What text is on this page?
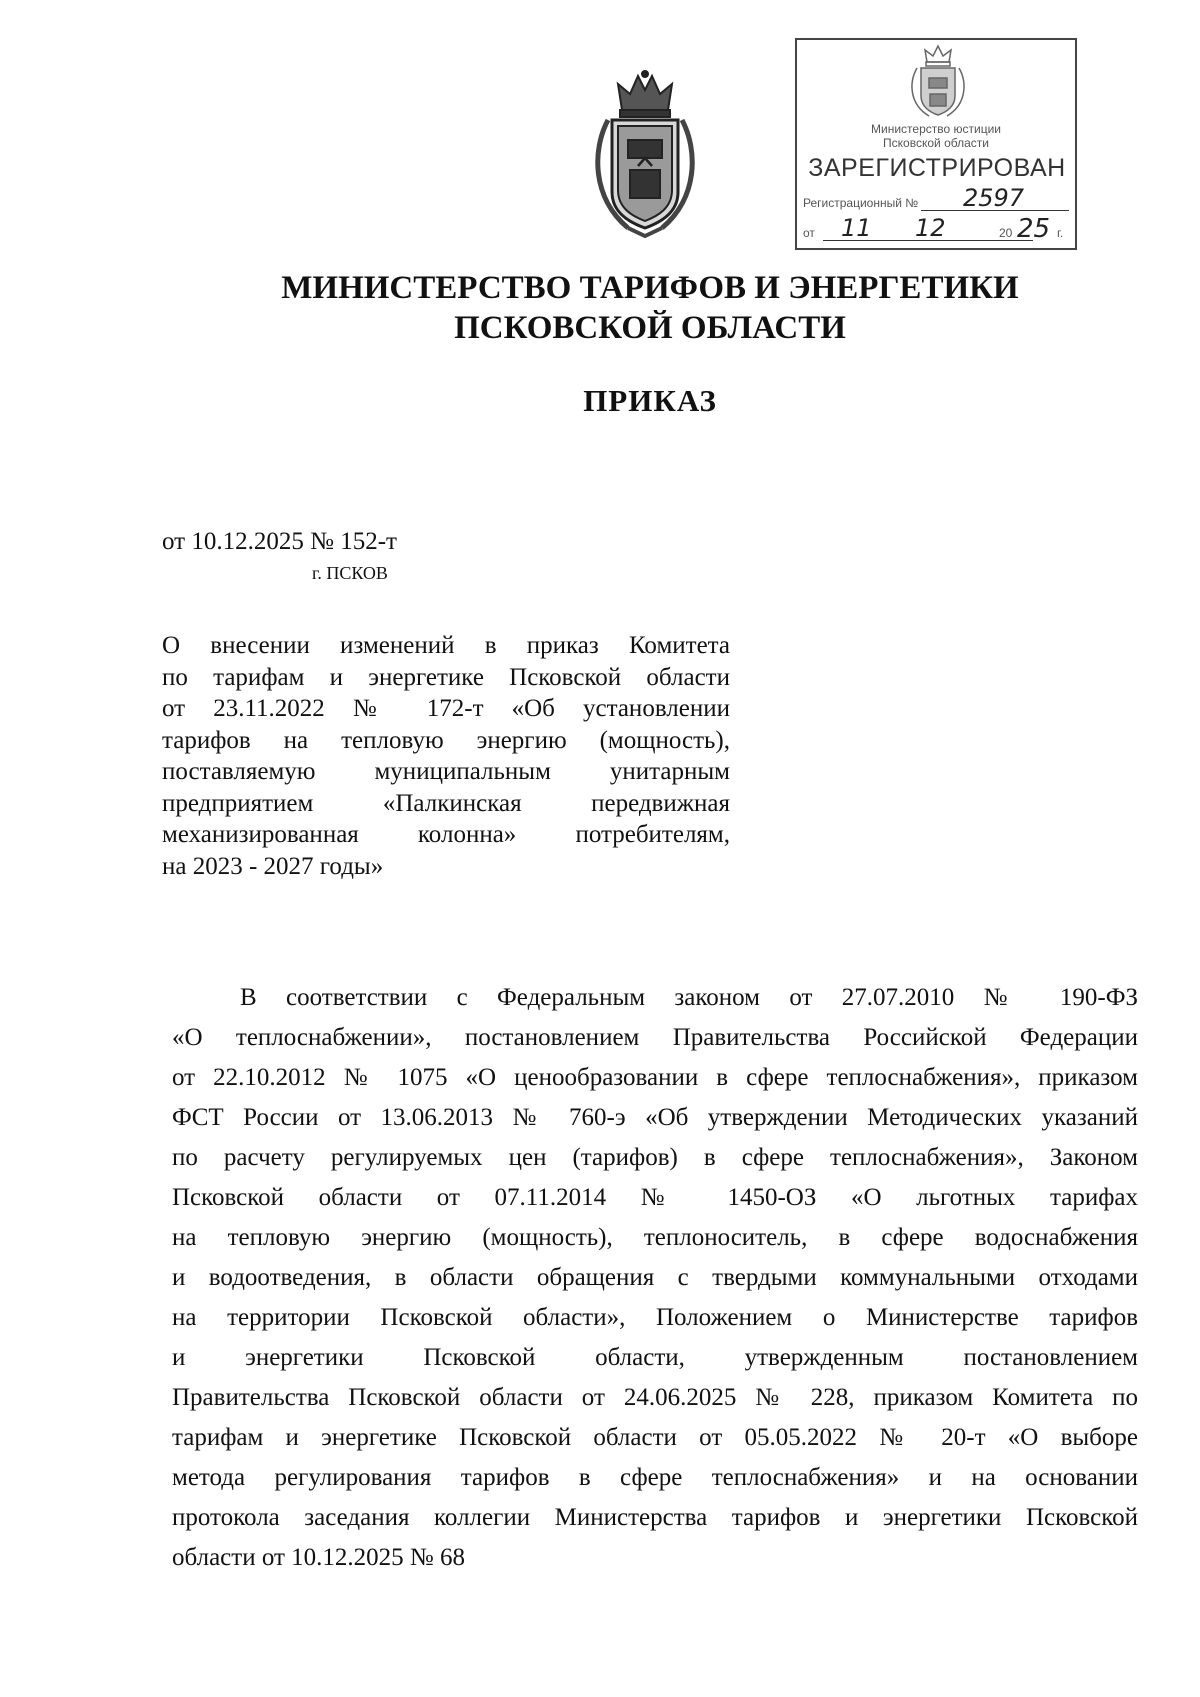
Министерство юстиции
Псковской области
ЗАРЕГИСТРИРОВАН
Регистрационный № 2597
от 11 12	20 25 г.
МИНИСТЕРСТВО ТАРИФОВ И ЭНЕРГЕТИКИ
ПСКОВСКОЙ ОБЛАСТИ
ПРИКАЗ
от 10.12.2025 № 152-т
г. ПСКОВ
О внесении изменений в приказ Комитета
по тарифам и энергетике Псковской области
от 23.11.2022 № 172-т «Об установлении
тарифов на тепловую энергию (мощность),
поставляемую муниципальным унитарным
предприятием «Палкинская передвижная
механизированная колонна» потребителям,
на 2023 - 2027 годы»
В соответствии с Федеральным законом от 27.07.2010 № 190-ФЗ
«О теплоснабжении», постановлением Правительства Российской Федерации
от 22.10.2012 № 1075 «О ценообразовании в сфере теплоснабжения», приказом
ФСТ России от 13.06.2013 № 760-э «Об утверждении Методических указаний
по расчету регулируемых цен (тарифов) в сфере теплоснабжения», Законом
Псковской области от 07.11.2014 № 1450-ОЗ «О льготных тарифах
на тепловую энергию (мощность), теплоноситель, в сфере водоснабжения
и водоотведения, в области обращения с твердыми коммунальными отходами
на территории Псковской области», Положением о Министерстве тарифов
и энергетики Псковской области, утвержденным постановлением
Правительства Псковской области от 24.06.2025 № 228, приказом Комитета по
тарифам и энергетике Псковской области от 05.05.2022 № 20-т «О выборе
метода регулирования тарифов в сфере теплоснабжения» и на основании
протокола заседания коллегии Министерства тарифов и энергетики Псковской
области от 10.12.2025 № 68
